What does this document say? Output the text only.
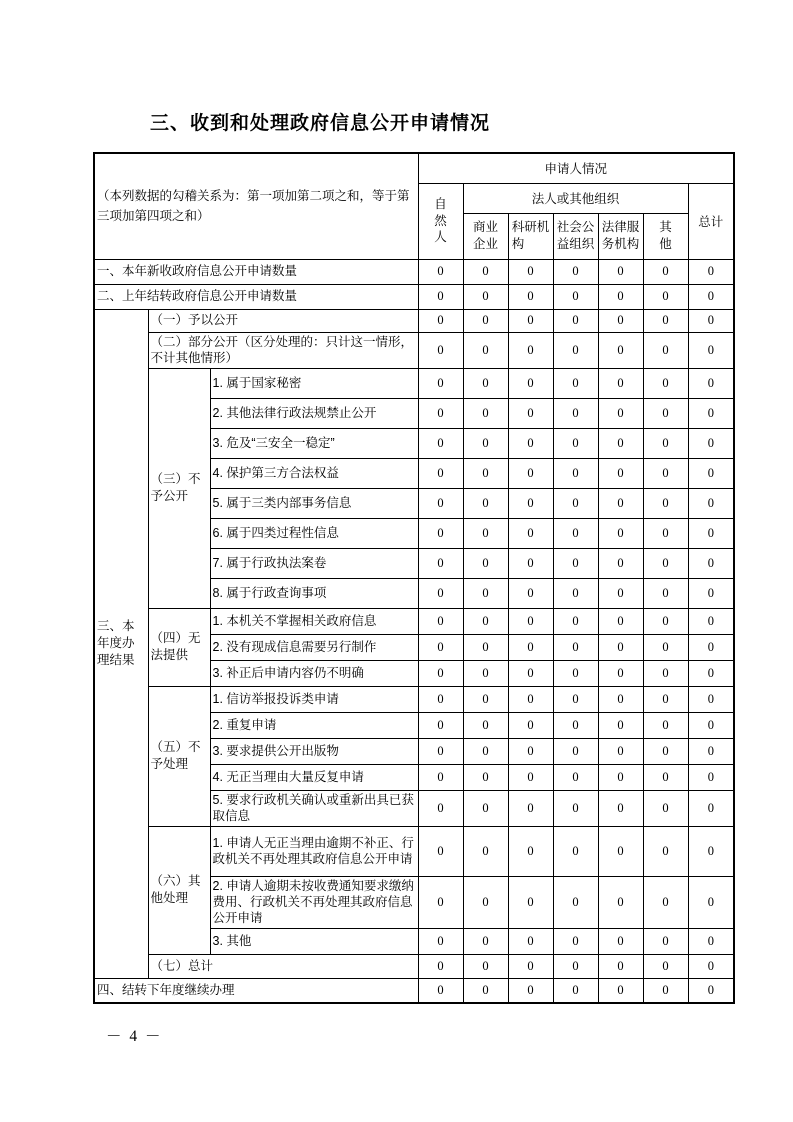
三、收到和处理政府信息公开申请情况
（本列数据的勾稽关系为：第一项加第二项之和，等于第三项加第四项之和）			申请人情况						
			自然人	法人或其他组织					总计
				商业企业	科研机构	社会公益组织	法律服务机构	其他	
一、本年新收政府信息公开申请数量			0	0	0	0	0	0	0
二、上年结转政府信息公开申请数量			0	0	0	0	0	0	0
三、本年度办理结果	（一）予以公开		0	0	0	0	0	0	0
	（二）部分公开（区分处理的：只计这一情形，不计其他情形）		0	0	0	0	0	0	0
	（三）不予公开	1. 属于国家秘密	0	0	0	0	0	0	0
		2. 其他法律行政法规禁止公开	0	0	0	0	0	0	0
		3. 危及“三安全一稳定”	0	0	0	0	0	0	0
		4. 保护第三方合法权益	0	0	0	0	0	0	0
		5. 属于三类内部事务信息	0	0	0	0	0	0	0
		6. 属于四类过程性信息	0	0	0	0	0	0	0
		7. 属于行政执法案卷	0	0	0	0	0	0	0
		8. 属于行政查询事项	0	0	0	0	0	0	0
	（四）无法提供	1. 本机关不掌握相关政府信息	0	0	0	0	0	0	0
		2. 没有现成信息需要另行制作	0	0	0	0	0	0	0
		3. 补正后申请内容仍不明确	0	0	0	0	0	0	0
	（五）不予处理	1. 信访举报投诉类申请	0	0	0	0	0	0	0
		2. 重复申请	0	0	0	0	0	0	0
		3. 要求提供公开出版物	0	0	0	0	0	0	0
		4. 无正当理由大量反复申请	0	0	0	0	0	0	0
		5. 要求行政机关确认或重新出具已获取信息	0	0	0	0	0	0	0
	（六）其他处理	1. 申请人无正当理由逾期不补正、行政机关不再处理其政府信息公开申请	0	0	0	0	0	0	0
		2. 申请人逾期未按收费通知要求缴纳费用、行政机关不再处理其政府信息公开申请	0	0	0	0	0	0	0
		3. 其他	0	0	0	0	0	0	0
	（七）总计		0	0	0	0	0	0	0
四、结转下年度继续办理			0	0	0	0	0	0	0
－ 4 －
